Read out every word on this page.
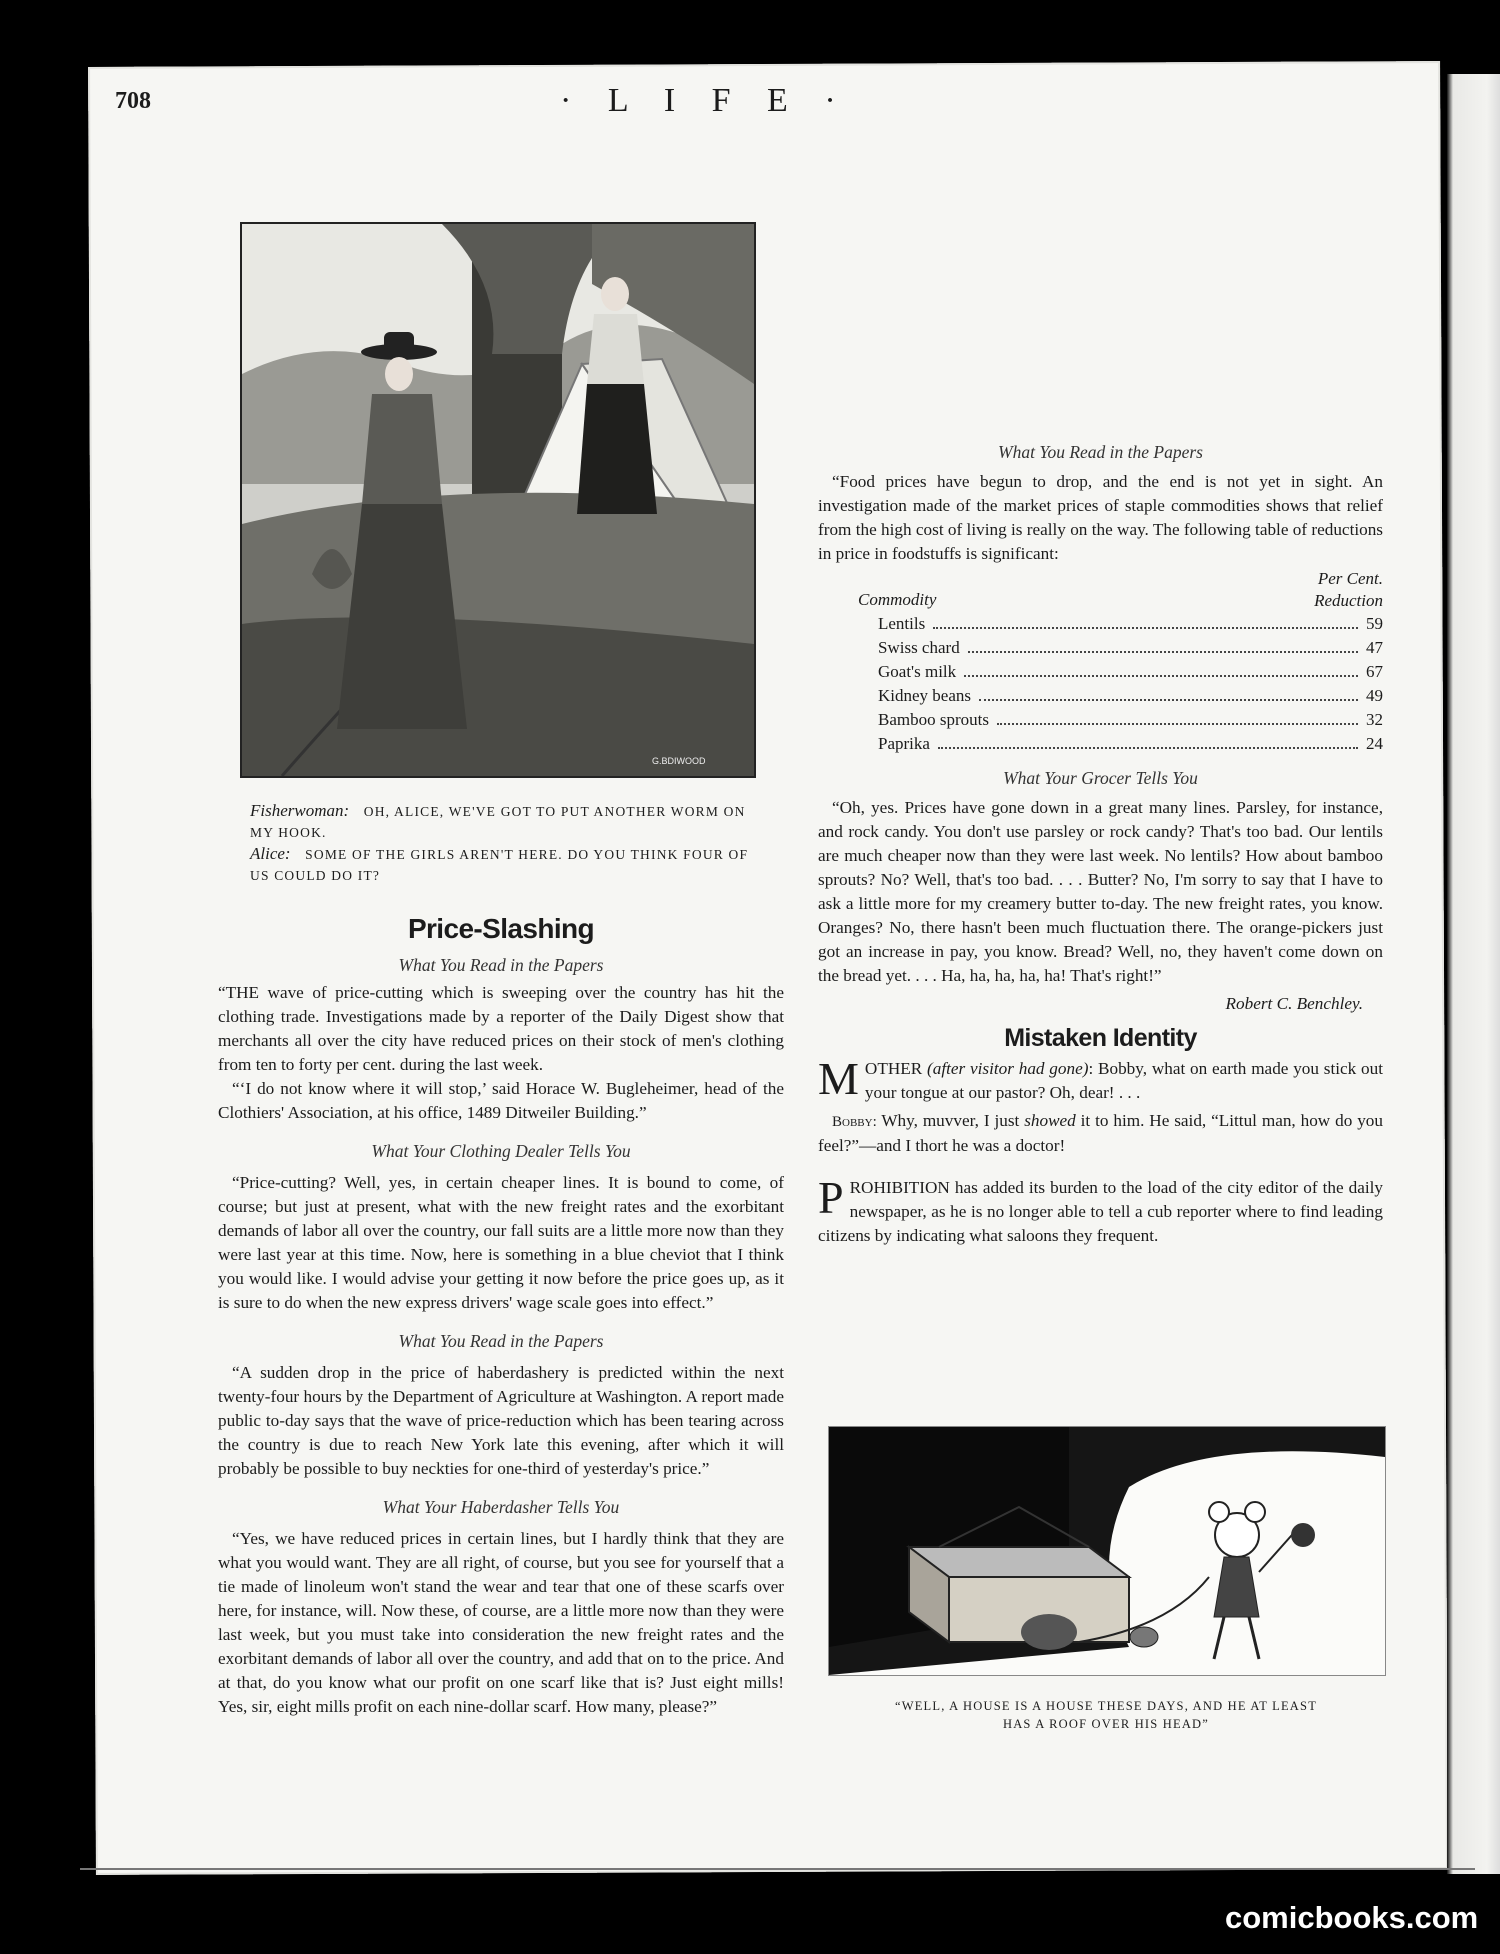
708	· L I F E ·
G.BDIWOOD
Fisherwoman: OH, ALICE, WE'VE GOT TO PUT ANOTHER WORM ON MY HOOK.
Alice: SOME OF THE GIRLS AREN'T HERE. DO YOU THINK FOUR OF US COULD DO IT?
Price-Slashing

What You Read in the Papers

“THE wave of price-cutting which is sweeping over the country has hit the clothing trade. Investigations made by a reporter of the Daily Digest show that merchants all over the city have reduced prices on their stock of men's clothing from ten to forty per cent. during the last week.

“‘I do not know where it will stop,’ said Horace W. Bugleheimer, head of the Clothiers' Association, at his office, 1489 Ditweiler Building.”

What Your Clothing Dealer Tells You

“Price-cutting? Well, yes, in certain cheaper lines. It is bound to come, of course; but just at present, what with the new freight rates and the exorbitant demands of labor all over the country, our fall suits are a little more now than they were last year at this time. Now, here is something in a blue cheviot that I think you would like. I would advise your getting it now before the price goes up, as it is sure to do when the new express drivers' wage scale goes into effect.”

What You Read in the Papers

“A sudden drop in the price of haberdashery is predicted within the next twenty-four hours by the Department of Agriculture at Washington. A report made public to-day says that the wave of price-reduction which has been tearing across the country is due to reach New York late this evening, after which it will probably be possible to buy neckties for one-third of yesterday's price.”

What Your Haberdasher Tells You

“Yes, we have reduced prices in certain lines, but I hardly think that they are what you would want. They are all right, of course, but you see for yourself that a tie made of linoleum won't stand the wear and tear that one of these scarfs over here, for instance, will. Now these, of course, are a little more now than they were last week, but you must take into consideration the new freight rates and the exorbitant demands of labor all over the country, and add that on to the price. And at that, do you know what our profit on one scarf like that is? Just eight mills! Yes, sir, eight mills profit on each nine-dollar scarf. How many, please?”

What You Read in the Papers

“Food prices have begun to drop, and the end is not yet in sight. An investigation made of the market prices of staple commodities shows that relief from the high cost of living is really on the way. The following table of reductions in price in foodstuffs is significant:

Commodity
Per Cent.
Reduction
Lentils	59
Swiss chard	47
Goat's milk	67
Kidney beans	49
Bamboo sprouts	32
Paprika	24

What Your Grocer Tells You

“Oh, yes. Prices have gone down in a great many lines. Parsley, for instance, and rock candy. You don't use parsley or rock candy? That's too bad. Our lentils are much cheaper now than they were last week. No lentils? How about bamboo sprouts? No? Well, that's too bad. . . . Butter? No, I'm sorry to say that I have to ask a little more for my creamery butter to-day. The new freight rates, you know. Oranges? No, there hasn't been much fluctuation there. The orange-pickers just got an increase in pay, you know. Bread? Well, no, they haven't come down on the bread yet. . . . Ha, ha, ha, ha, ha! That's right!”

Robert C. Benchley.

Mistaken Identity

MOTHER (after visitor had gone): Bobby, what on earth made you stick out your tongue at our pastor? Oh, dear! . . .

Bobby: Why, muvver, I just showed it to him. He said, “Littul man, how do you feel?”—and I thort he was a doctor!

PROHIBITION has added its burden to the load of the city editor of the daily newspaper, as he is no longer able to tell a cub reporter where to find leading citizens by indicating what saloons they frequent.

“WELL, A HOUSE IS A HOUSE THESE DAYS, AND HE AT LEAST
HAS A ROOF OVER HIS HEAD”
comicbooks.com
